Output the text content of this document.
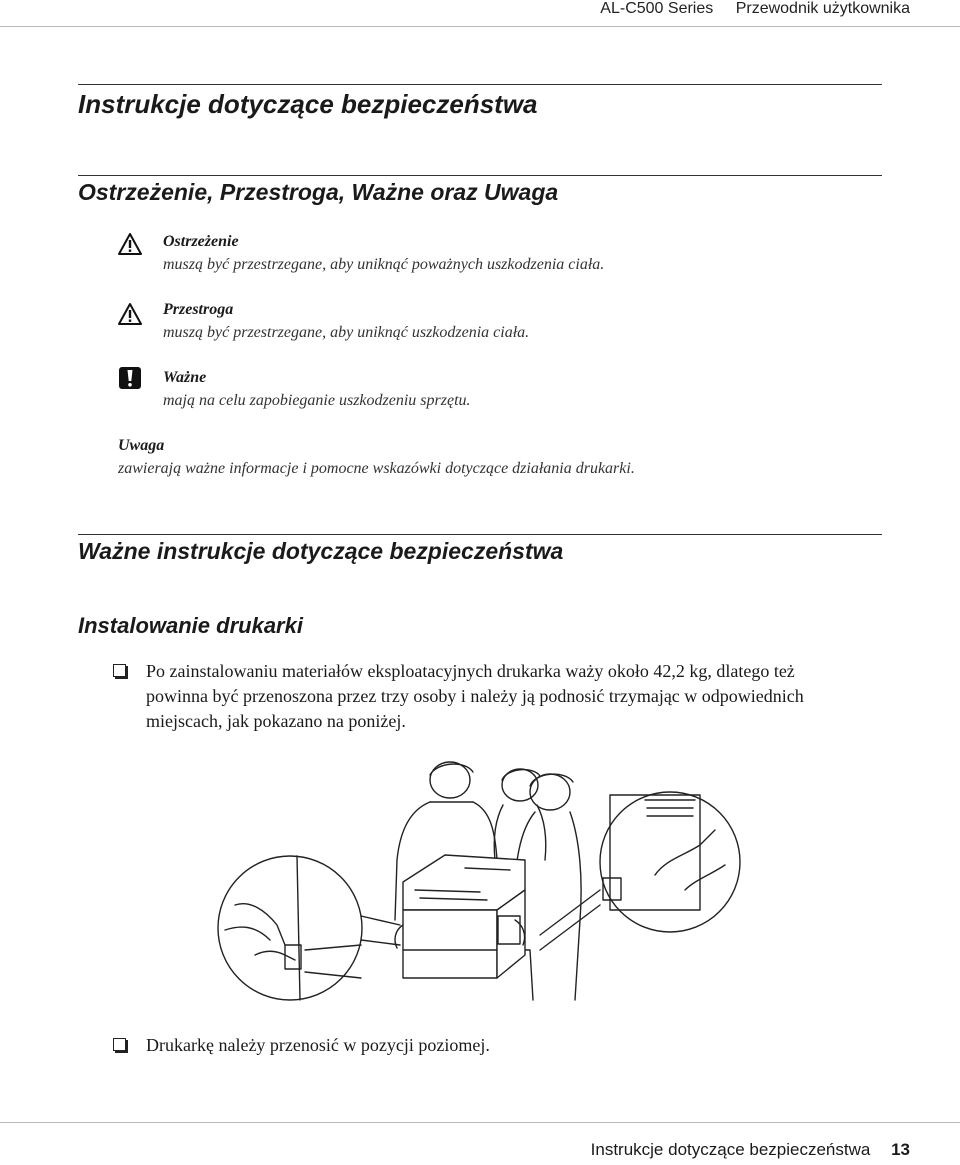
AL-C500 Series Przewodnik użytkownika
Instrukcje dotyczące bezpieczeństwa
Ostrzeżenie, Przestroga, Ważne oraz Uwaga
Ostrzeżenie
muszą być przestrzegane, aby uniknąć poważnych uszkodzenia ciała.
Przestroga
muszą być przestrzegane, aby uniknąć uszkodzenia ciała.
Ważne
mają na celu zapobieganie uszkodzeniu sprzętu.
Uwaga
zawierają ważne informacje i pomocne wskazówki dotyczące działania drukarki.
Ważne instrukcje dotyczące bezpieczeństwa
Instalowanie drukarki
Po zainstalowaniu materiałów eksploatacyjnych drukarka waży około 42,2 kg, dlatego też
powinna być przenoszona przez trzy osoby i należy ją podnosić trzymając w odpowiednich
miejscach, jak pokazano na poniżej.
Drukarkę należy przenosić w pozycji poziomej.
Instrukcje dotyczące bezpieczeństwa 13
